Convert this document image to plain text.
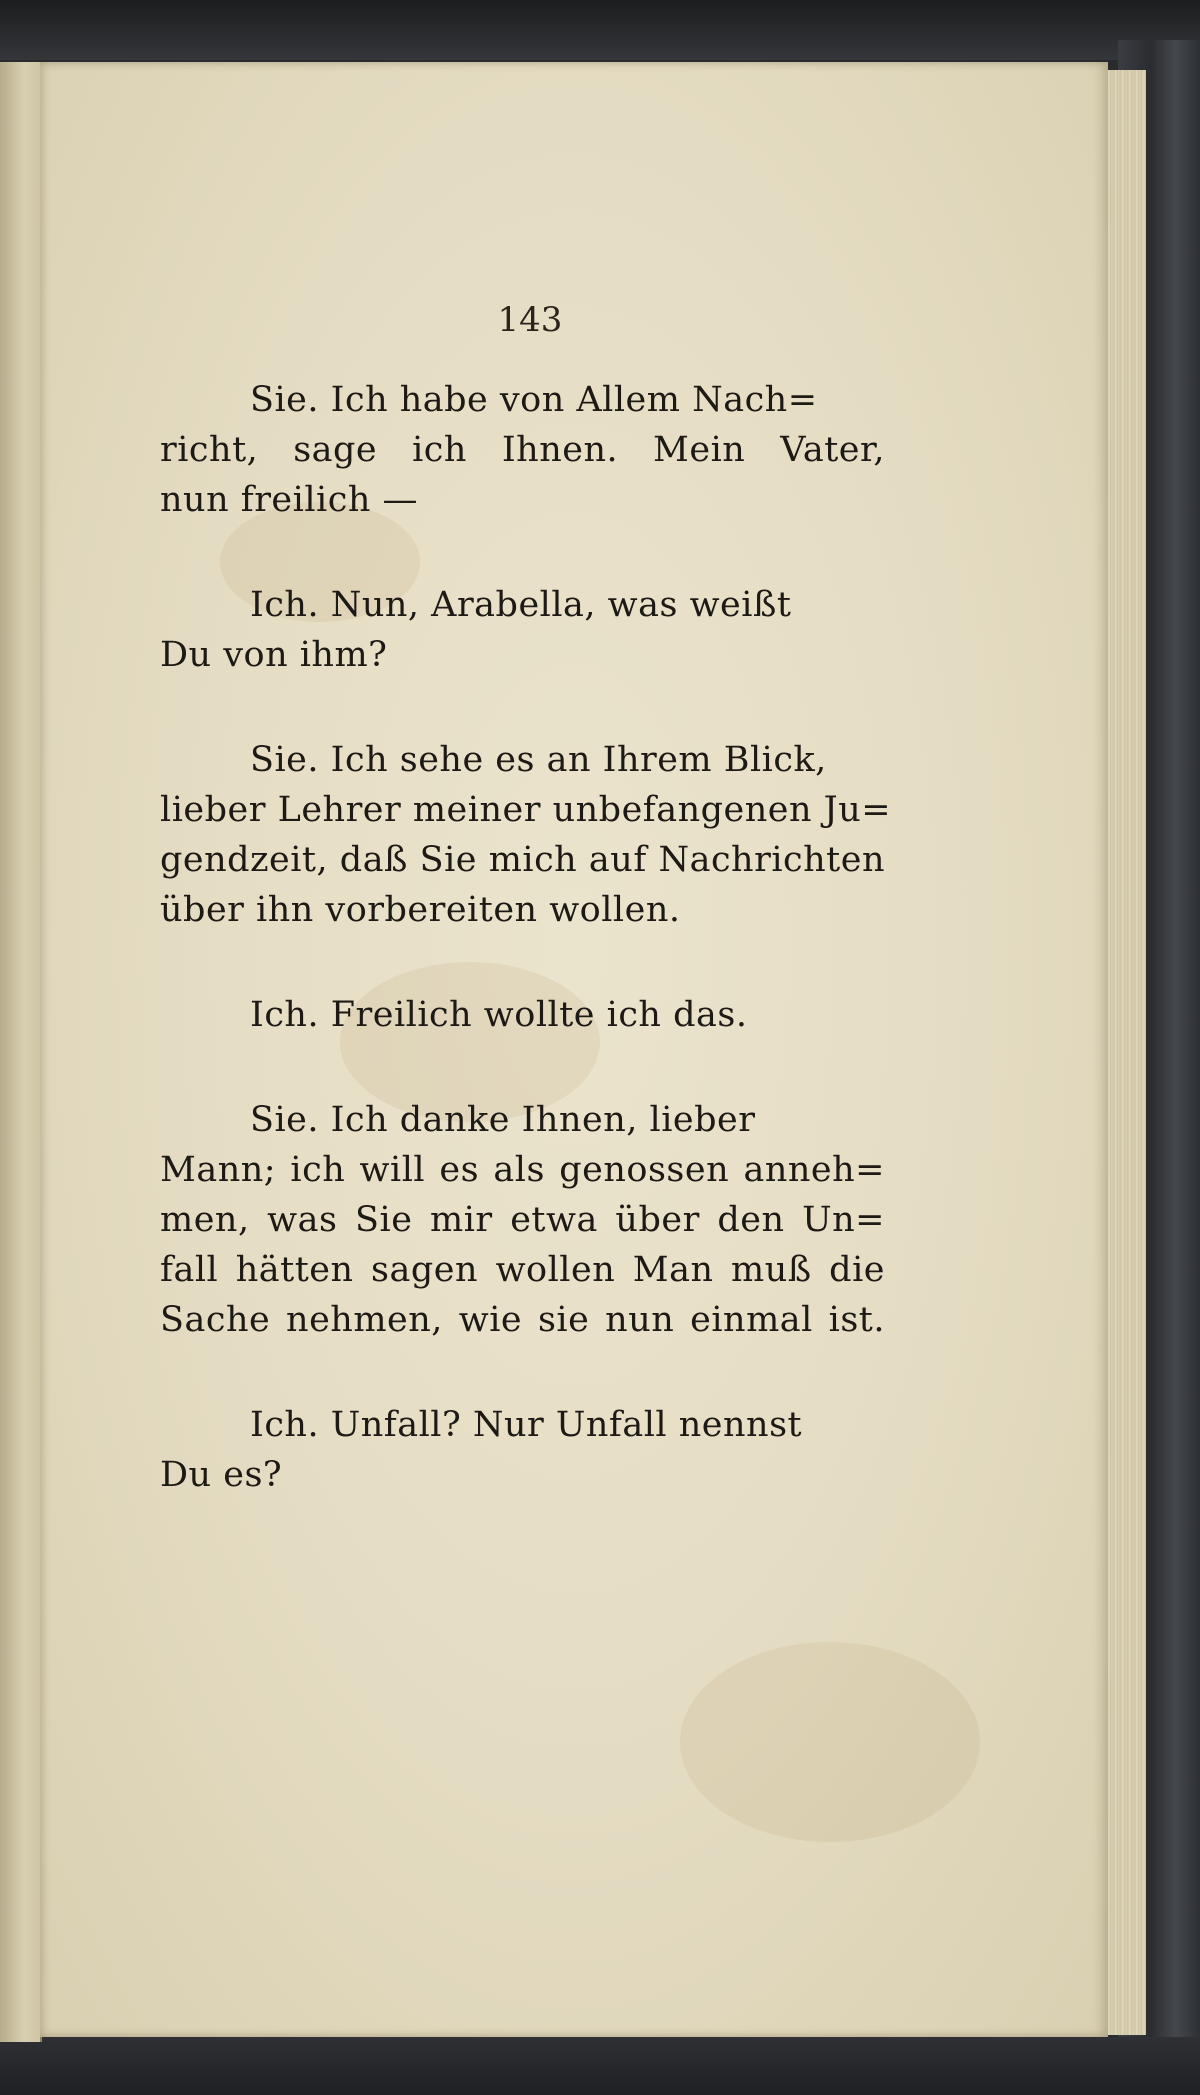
143
Sie. Ich habe von Allem Nach=
richt, sage ich Ihnen. Mein Vater,
nun freilich —
Ich. Nun, Arabella, was weißt
Du von ihm?
Sie. Ich sehe es an Ihrem Blick,
lieber Lehrer meiner unbefangenen Ju=
gendzeit, daß Sie mich auf Nachrichten
über ihn vorbereiten wollen.
Ich. Freilich wollte ich das.
Sie. Ich danke Ihnen, lieber
Mann; ich will es als genossen anneh=
men, was Sie mir etwa über den Un=
fall hätten sagen wollen Man muß die
Sache nehmen, wie sie nun einmal ist.
Ich. Unfall? Nur Unfall nennst
Du es?
